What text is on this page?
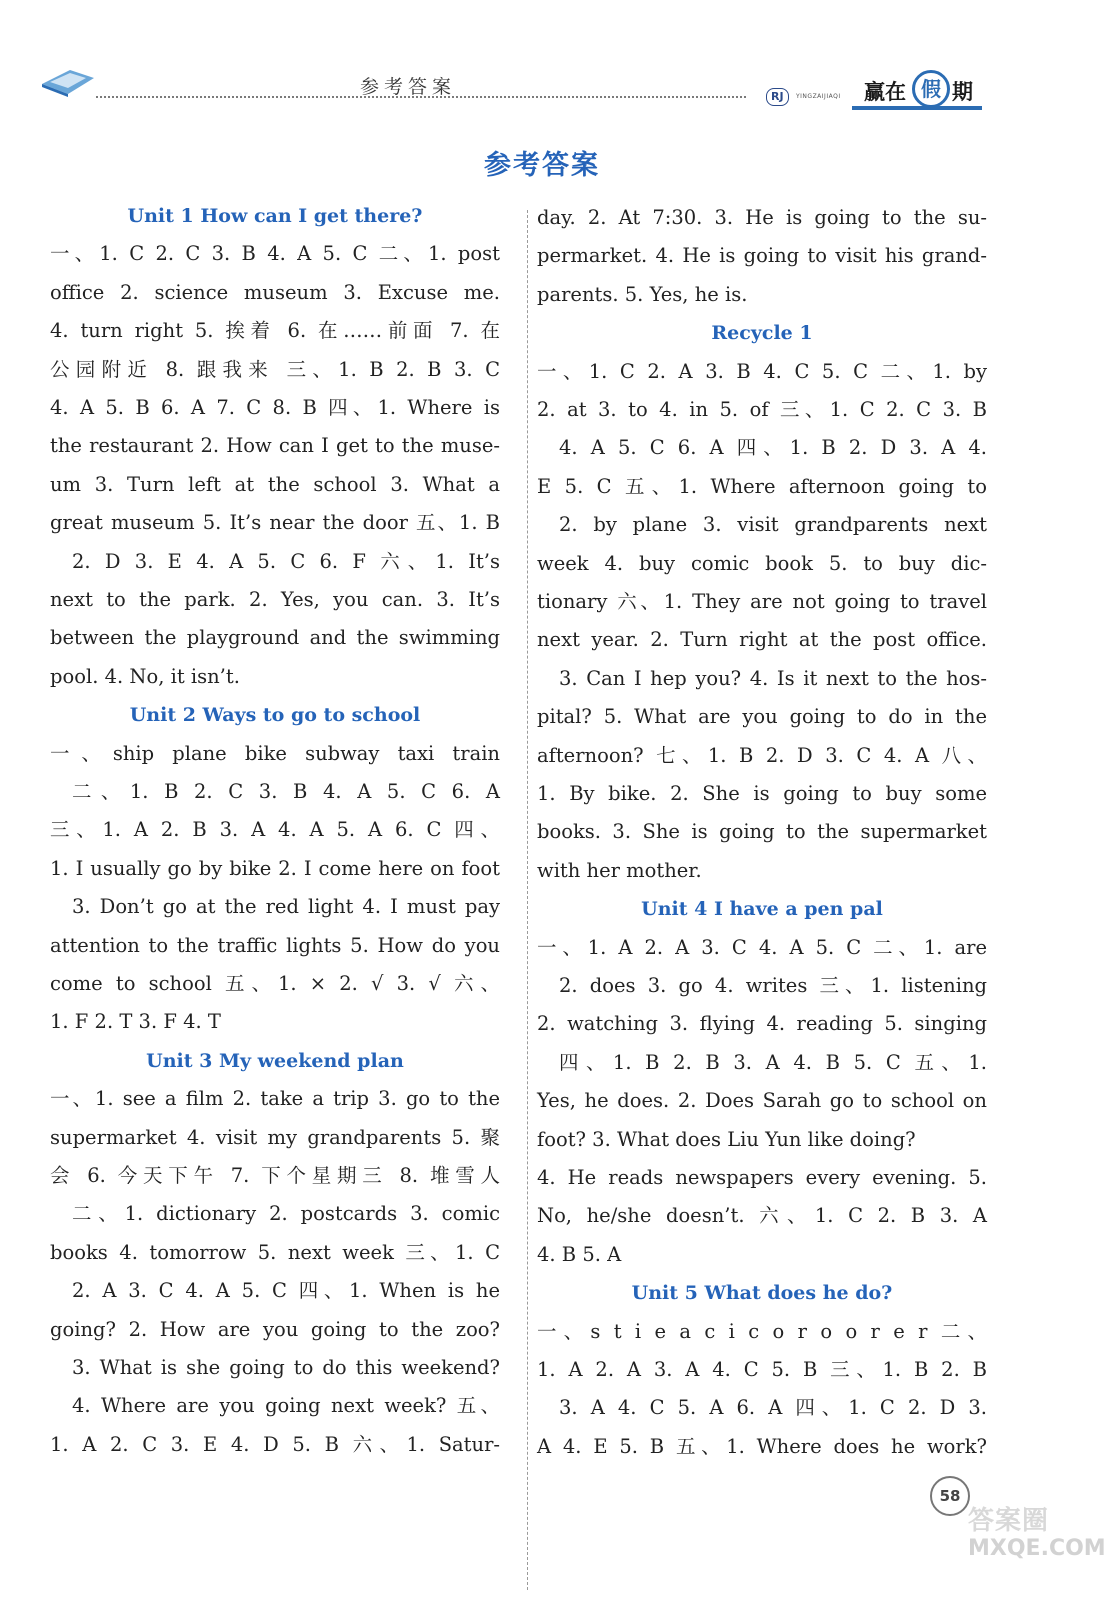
参考答案	RJ	YINGZAIJIAQI 赢在 假 期
参考答案
Unit 1 How can I get there?
一、1. C 2. C 3. B 4. A 5. C 二、1. post
office 2. science museum 3. Excuse me.
4. turn right 5. 挨着 6. 在……前面 7. 在
公园附近 8. 跟我来 三、1. B 2. B 3. C
4. A 5. B 6. A 7. C 8. B 四、1. Where is
the restaurant 2. How can I get to the muse-
um 3. Turn left at the school 3. What a
great museum 5. It’s near the door 五、1. B
2. D 3. E 4. A 5. C 6. F 六、1. It’s
next to the park. 2. Yes, you can. 3. It’s
between the playground and the swimming
pool. 4. No, it isn’t.
Unit 2 Ways to go to school
一、ship plane bike subway taxi train
二、1. B 2. C 3. B 4. A 5. C 6. A
三、1. A 2. B 3. A 4. A 5. A 6. C 四、
1. I usually go by bike 2. I come here on foot
3. Don’t go at the red light 4. I must pay
attention to the traffic lights 5. How do you
come to school 五、1. × 2. √ 3. √ 六、
1. F 2. T 3. F 4. T
Unit 3 My weekend plan
一、1. see a film 2. take a trip 3. go to the
supermarket 4. visit my grandparents 5. 聚
会 6. 今天下午 7. 下个星期三 8. 堆雪人
二、1. dictionary 2. postcards 3. comic
books 4. tomorrow 5. next week 三、1. C
2. A 3. C 4. A 5. C 四、1. When is he
going? 2. How are you going to the zoo?
3. What is she going to do this weekend?
4. Where are you going next week? 五、
1. A 2. C 3. E 4. D 5. B 六、1. Satur-
day. 2. At 7:30. 3. He is going to the su-
permarket. 4. He is going to visit his grand-
parents. 5. Yes, he is.
Recycle 1
一、1. C 2. A 3. B 4. C 5. C 二、1. by
2. at 3. to 4. in 5. of 三、1. C 2. C 3. B
4. A 5. C 6. A 四、1. B 2. D 3. A 4.
E 5. C 五、1. Where afternoon going to
2. by plane 3. visit grandparents next
week 4. buy comic book 5. to buy dic-
tionary 六、1. They are not going to travel
next year. 2. Turn right at the post office.
3. Can I hep you? 4. Is it next to the hos-
pital? 5. What are you going to do in the
afternoon? 七、1. B 2. D 3. C 4. A 八、
1. By bike. 2. She is going to buy some
books. 3. She is going to the supermarket
with her mother.
Unit 4 I have a pen pal
一、1. A 2. A 3. C 4. A 5. C 二、1. are
2. does 3. go 4. writes 三、1. listening
2. watching 3. flying 4. reading 5. singing
四、1. B 2. B 3. A 4. B 5. C 五、1.
Yes, he does. 2. Does Sarah go to school on
foot? 3. What does Liu Yun like doing?
4. He reads newspapers every evening. 5.
No, he/she doesn’t. 六、1. C 2. B 3. A
4. B 5. A
Unit 5 What does he do?
一、s t i e a c i c o r o o r e r 二、
1. A 2. A 3. A 4. C 5. B 三、1. B 2. B
3. A 4. C 5. A 6. A 四、1. C 2. D 3.
A 4. E 5. B 五、1. Where does he work?
58
答案圈
MXQE.COM
